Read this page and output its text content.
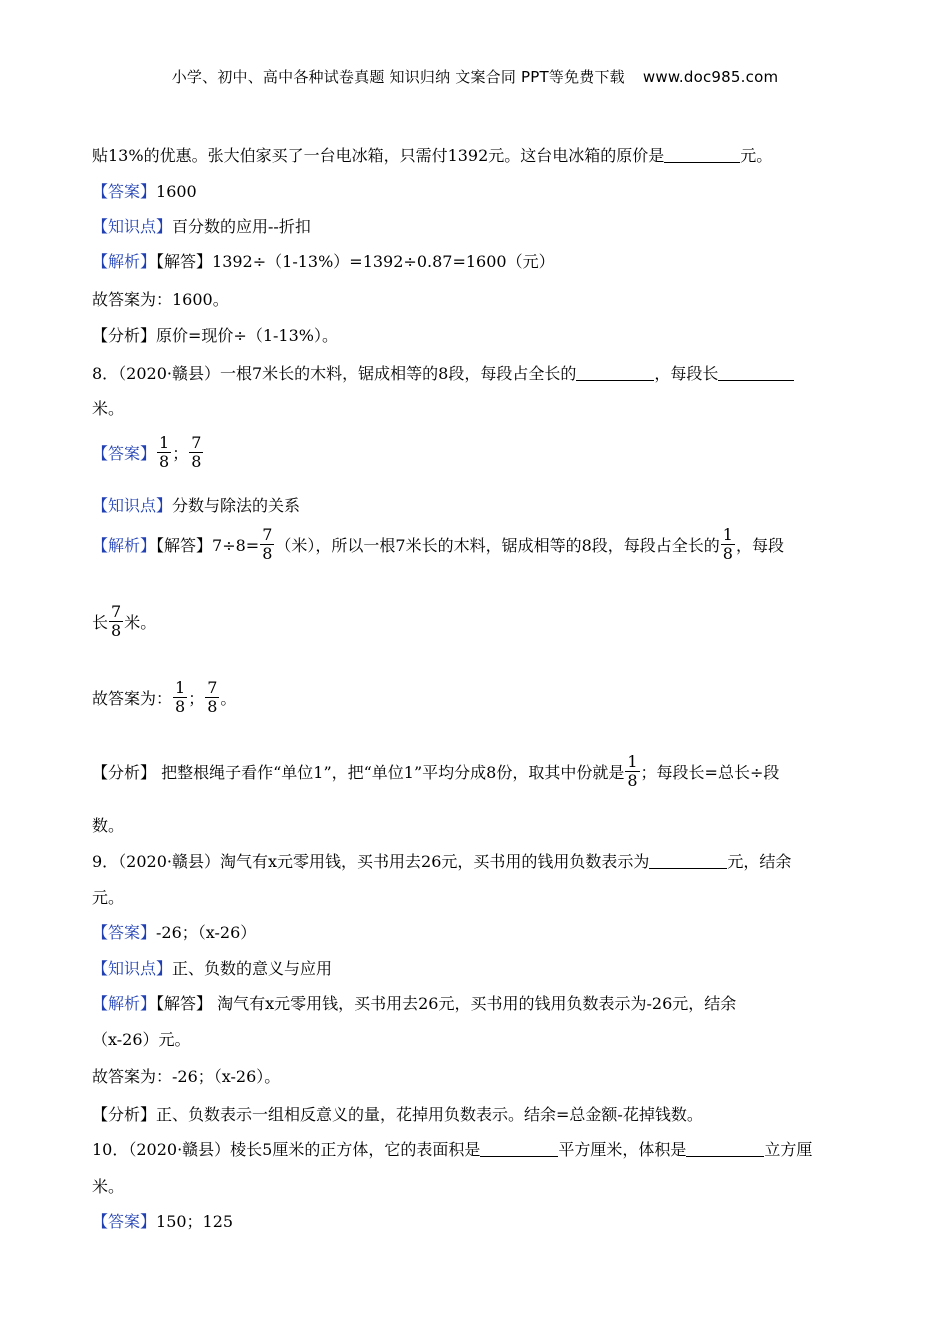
小学、初中、高中各种试卷真题 知识归纳 文案合同 PPT等免费下载 www.doc985.com
贴13%的优惠。张大伯家买了一台电冰箱，只需付1392元。这台电冰箱的原价是	元。
【答案】1600
【知识点】百分数的应用--折扣
【解析】【解答】1392÷（1-13%）=1392÷0.87=1600（元）
故答案为：1600。
【分析】原价=现价÷（1-13%）。
8．（2020·赣县）一根7米长的木料，锯成相等的8段，每段占全长的	，每段长
米。
【答案】 $\frac{1}{8}$ ； $\frac{7}{8}$
【知识点】分数与除法的关系
【解析】【解答】$7\div 8= \frac{7}{8}$ （米），所以一根7米长的木料，锯成相等的8段，每段占全长的 $\frac{1}{8}$ ，每段
长 $\frac{7}{8}$ 米。
故答案为： $\frac{1}{8}$ ； $\frac{7}{8}$ 。
【分析】 把整根绳子看作“单位1”，把“单位1”平均分成8份，取其中份就是 $\frac{1}{8}$ ；每段长=总长÷段
数。
9．（2020·赣县）淘气有x元零用钱，买书用去26元，买书用的钱用负数表示为	元，结余
元。
【答案】-26；（x-26）
【知识点】正、负数的意义与应用
【解析】【解答】 淘气有x元零用钱，买书用去26元，买书用的钱用负数表示为-26元，结余
（x-26）元。
故答案为：-26；（x-26）。
【分析】正、负数表示一组相反意义的量，花掉用负数表示。结余=总金额-花掉钱数。
10．（2020·赣县）棱长5厘米的正方体，它的表面积是	平方厘米，体积是	立方厘
米。
【答案】150；125
